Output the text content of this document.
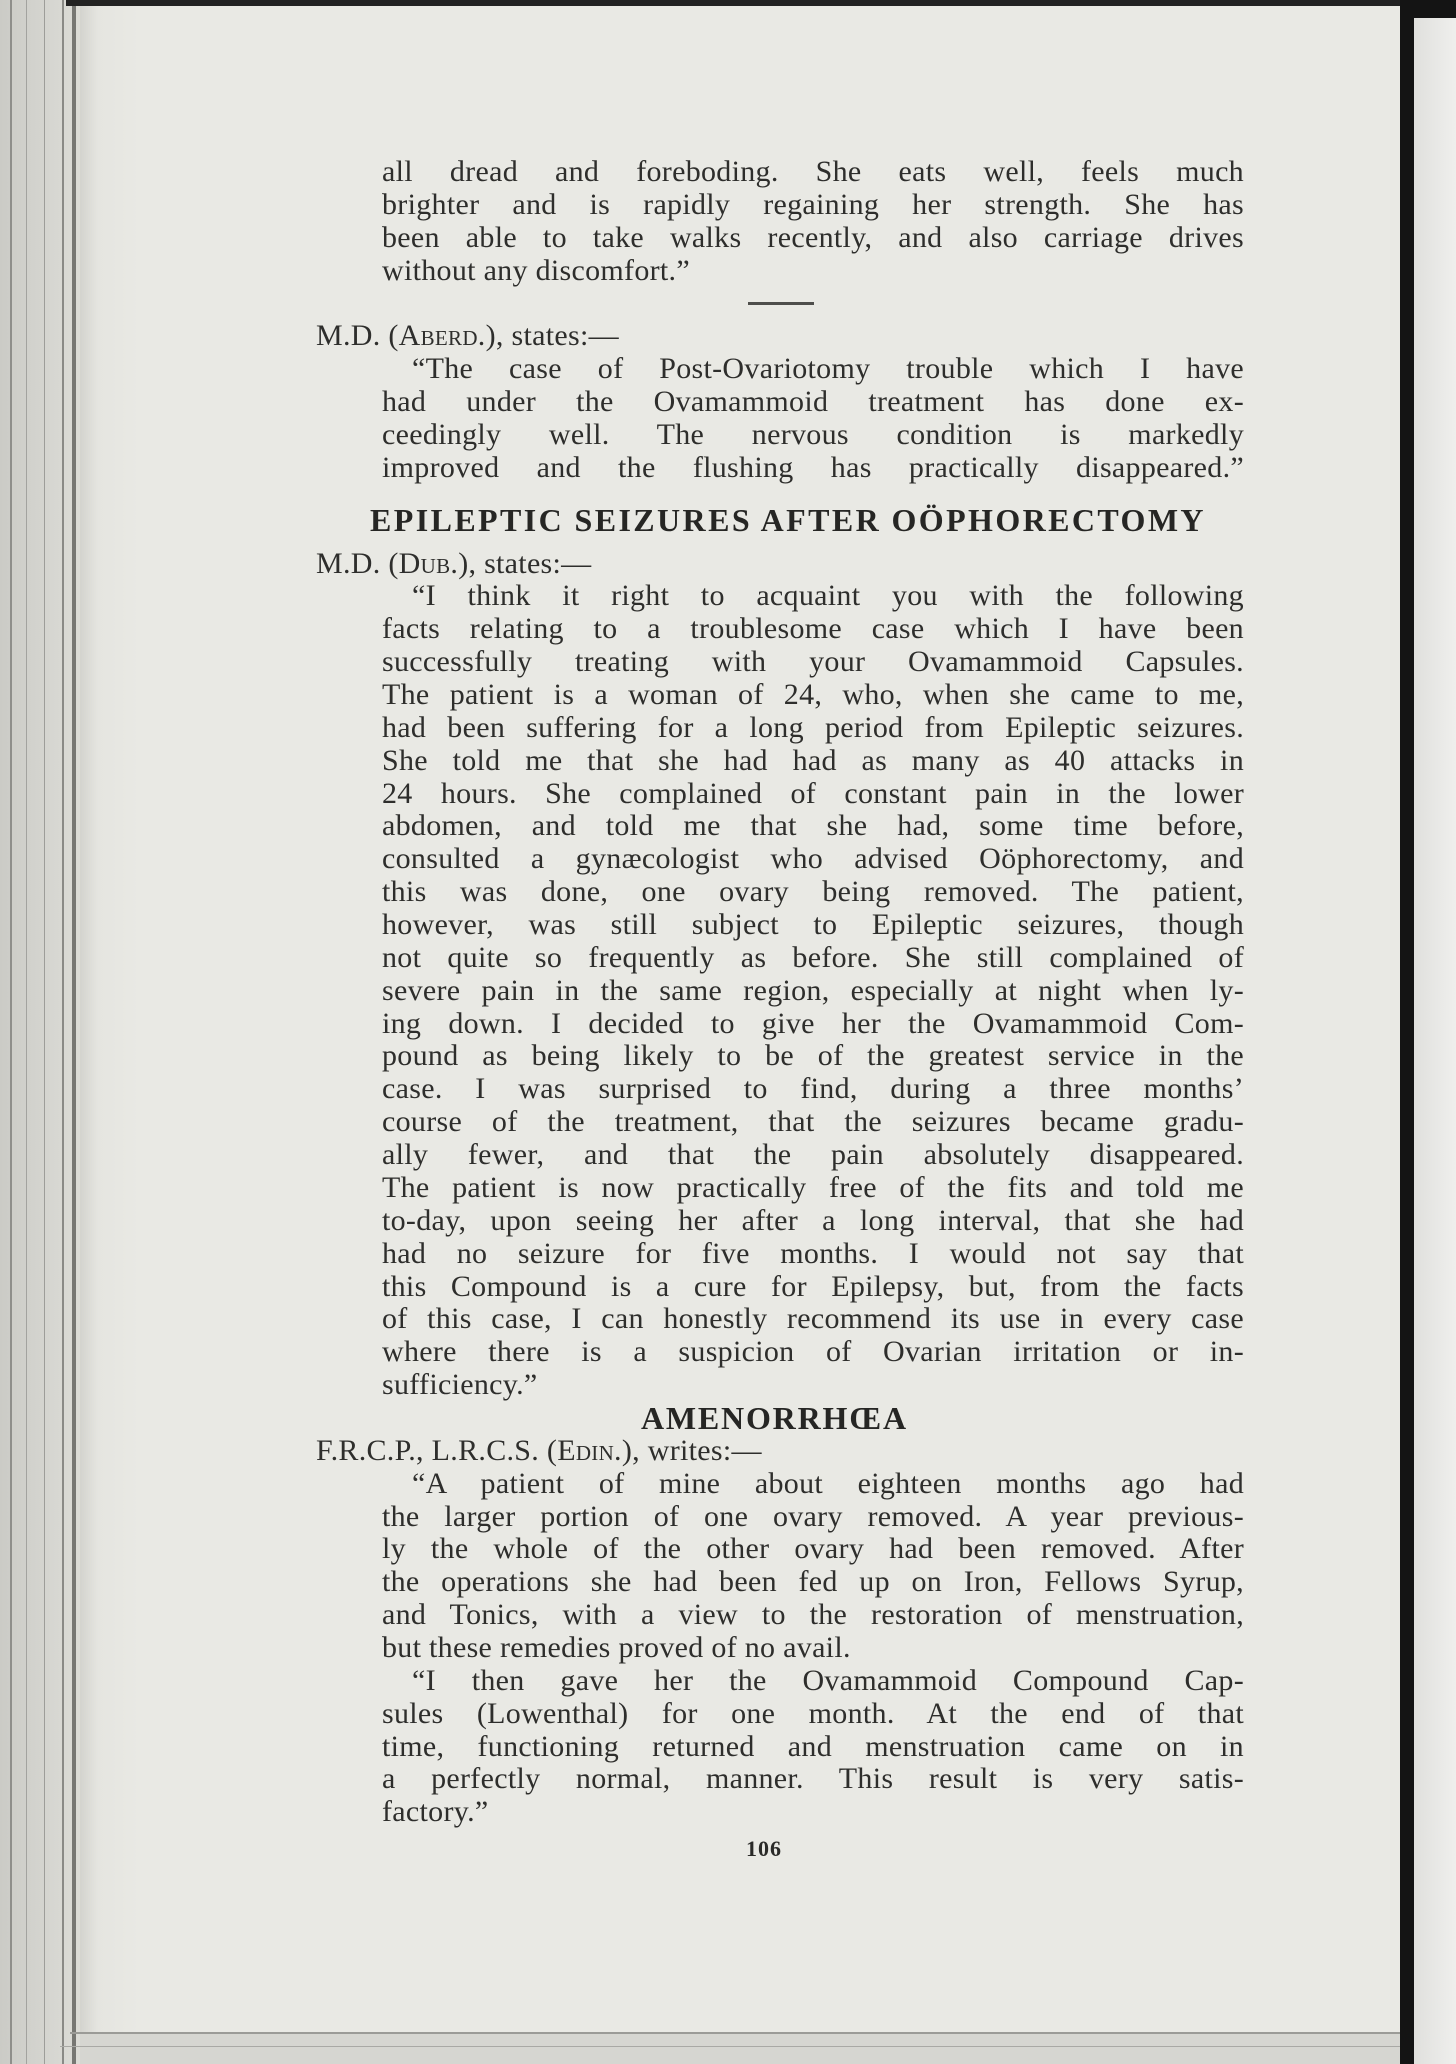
all dread and foreboding. She eats well, feels much
brighter and is rapidly regaining her strength. She has
been able to take walks recently, and also carriage drives
without any discomfort.”
M.D. (Aberd.), states:—
“The case of Post-Ovariotomy trouble which I have
had under the Ovamammoid treatment has done ex-
ceedingly well. The nervous condition is markedly
improved and the flushing has practically disappeared.”
EPILEPTIC SEIZURES AFTER OÖPHORECTOMY
M.D. (Dub.), states:—
“I think it right to acquaint you with the following
facts relating to a troublesome case which I have been
successfully treating with your Ovamammoid Capsules.
The patient is a woman of 24, who, when she came to me,
had been suffering for a long period from Epileptic seizures.
She told me that she had had as many as 40 attacks in
24 hours. She complained of constant pain in the lower
abdomen, and told me that she had, some time before,
consulted a gynæcologist who advised Oöphorectomy, and
this was done, one ovary being removed. The patient,
however, was still subject to Epileptic seizures, though
not quite so frequently as before. She still complained of
severe pain in the same region, especially at night when ly-
ing down. I decided to give her the Ovamammoid Com-
pound as being likely to be of the greatest service in the
case. I was surprised to find, during a three months’
course of the treatment, that the seizures became gradu-
ally fewer, and that the pain absolutely disappeared.
The patient is now practically free of the fits and told me
to-day, upon seeing her after a long interval, that she had
had no seizure for five months. I would not say that
this Compound is a cure for Epilepsy, but, from the facts
of this case, I can honestly recommend its use in every case
where there is a suspicion of Ovarian irritation or in-
sufficiency.”
AMENORRHŒA
F.R.C.P., L.R.C.S. (Edin.), writes:—
“A patient of mine about eighteen months ago had
the larger portion of one ovary removed. A year previous-
ly the whole of the other ovary had been removed. After
the operations she had been fed up on Iron, Fellows Syrup,
and Tonics, with a view to the restoration of menstruation,
but these remedies proved of no avail.
“I then gave her the Ovamammoid Compound Cap-
sules (Lowenthal) for one month. At the end of that
time, functioning returned and menstruation came on in
a perfectly normal, manner. This result is very satis-
factory.”
106
